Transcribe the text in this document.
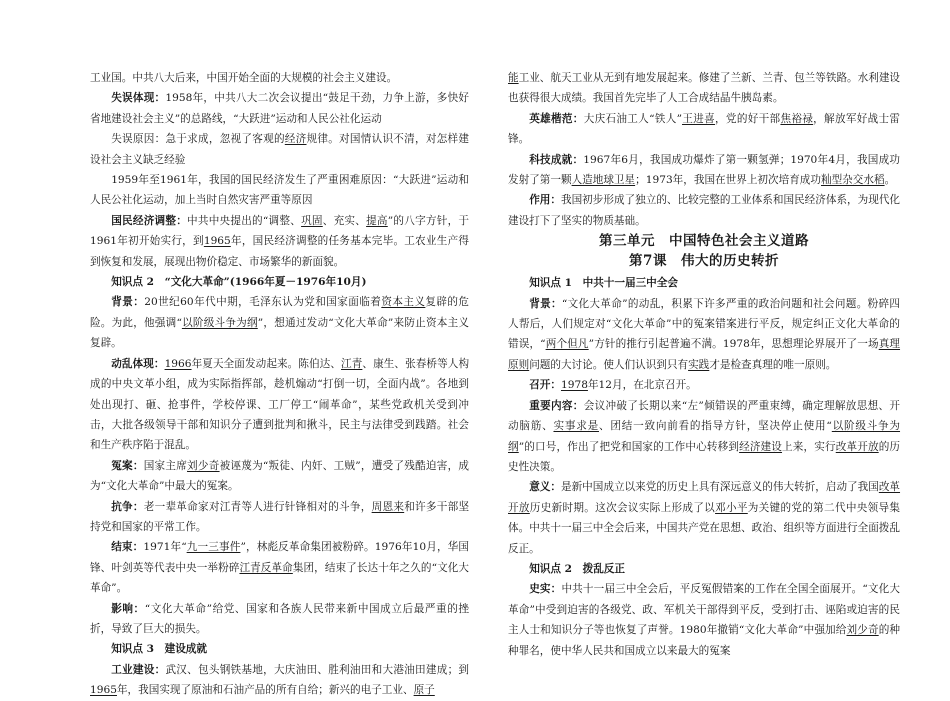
工业国。中共八大后来，中国开始全面的大规模的社会主义建设。

失误体现：1958年，中共八大二次会议提出“鼓足干劲，力争上游，多快好省地建设社会主义”的总路线，“大跃进”运动和人民公社化运动

失误原因：急于求成，忽视了客观的经济规律。对国情认识不清，对怎样建设社会主义缺乏经验

1959年至1961年，我国的国民经济发生了严重困难原因：“大跃进”运动和人民公社化运动，加上当时自然灾害严重等原因

国民经济调整：中共中央提出的“调整、巩固、充实、提高”的八字方针，于1961年初开始实行，到1965年，国民经济调整的任务基本完毕。工农业生产得到恢复和发展，展现出物价稳定、市场繁华的新面貌。

知识点 2　“文化大革命”(1966年夏－1976年10月)

背景：20世纪60年代中期，毛泽东认为党和国家面临着资本主义复辟的危险。为此，他强调“以阶级斗争为纲”，想通过发动“文化大革命”来防止资本主义复辟。

动乱体现：1966年夏天全面发动起来。陈伯达、江青、康生、张春桥等人构成的中央文革小组，成为实际指挥部，趁机煽动“打倒一切，全面内战”。各地到处出现打、砸、抢事件，学校停课、工厂停工“闹革命”，某些党政机关受到冲击，大批各级领导干部和知识分子遭到批判和揪斗，民主与法律受到践踏。社会和生产秩序陷于混乱。

冤案：国家主席刘少奇被诬蔑为“叛徒、内奸、工贼”，遭受了残酷迫害，成为“文化大革命”中最大的冤案。

抗争：老一辈革命家对江青等人进行针锋相对的斗争，周恩来和许多干部坚持党和国家的平常工作。

结束：1971年“九一三事件”，林彪反革命集团被粉碎。1976年10月，华国锋、叶剑英等代表中央一举粉碎江青反革命集团，结束了长达十年之久的“文化大革命”。

影响：“文化大革命”给党、国家和各族人民带来新中国成立后最严重的挫折，导致了巨大的损失。

知识点 3　建设成就

工业建设：武汉、包头钢铁基地，大庆油田、胜利油田和大港油田建成；到1965年，我国实现了原油和石油产品的所有自给；新兴的电子工业、原子

能工业、航天工业从无到有地发展起来。修建了兰新、兰青、包兰等铁路。水利建设也获得很大成绩。我国首先完毕了人工合成结晶牛胰岛素。

英雄楷范：大庆石油工人“铁人”王进喜，党的好干部焦裕禄，解放军好战士雷锋。

科技成就：1967年6月，我国成功爆炸了第一颗氢弹；1970年4月，我国成功发射了第一颗人造地球卫星；1973年，我国在世界上初次培育成功籼型杂交水稻。

作用：我国初步形成了独立的、比较完整的工业体系和国民经济体系，为现代化建设打下了坚实的物质基础。

第三单元　中国特色社会主义道路

第7课　伟大的历史转折

知识点 1　中共十一届三中全会

背景：“文化大革命”的动乱，积累下许多严重的政治问题和社会问题。粉碎四人帮后，人们规定对“文化大革命”中的冤案错案进行平反，规定纠正文化大革命的错误，“两个但凡”方针的推行引起普遍不满。1978年，思想理论界展开了一场真理原则问题的大讨论。使人们认识到只有实践才是检查真理的唯一原则。

召开：1978年12月，在北京召开。

重要内容：会议冲破了长期以来“左”倾错误的严重束缚，确定理解放思想、开动脑筋、实事求是、团结一致向前看的指导方针，坚决停止使用“以阶级斗争为纲”的口号，作出了把党和国家的工作中心转移到经济建设上来，实行改革开放的历史性决策。

意义：是新中国成立以来党的历史上具有深远意义的伟大转折，启动了我国改革开放历史新时期。这次会议实际上形成了以邓小平为关键的党的第二代中央领导集体。中共十一届三中全会后来，中国共产党在思想、政治、组织等方面进行全面拨乱反正。

知识点 2　拨乱反正

史实：中共十一届三中全会后，平反冤假错案的工作在全国全面展开。“文化大革命”中受到迫害的各级党、政、军机关干部得到平反，受到打击、诬陷或迫害的民主人士和知识分子等也恢复了声誉。1980年撤销“文化大革命”中强加给刘少奇的种种罪名，使中华人民共和国成立以来最大的冤案
